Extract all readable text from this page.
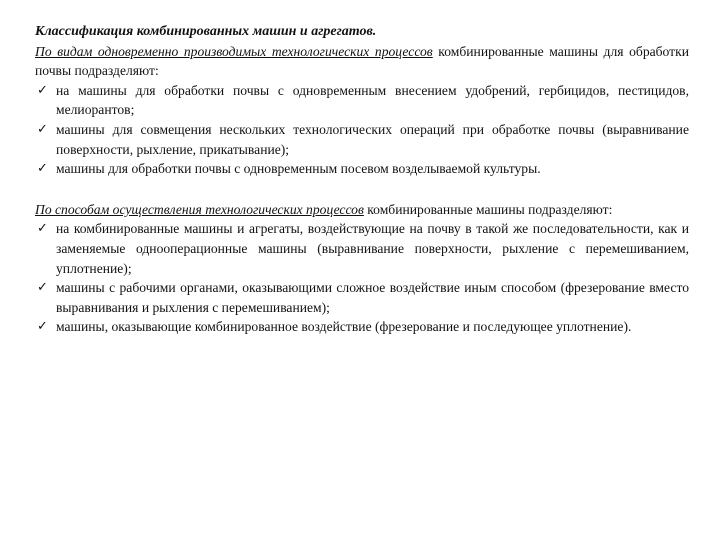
Классификация комбинированных машин и агрегатов.
По видам одновременно производимых технологических процессов комбинированные машины для обработки почвы подразделяют:
✓ на машины для обработки почвы с одновременным внесением удобрений, гербицидов, пестицидов, мелиорантов;
✓ машины для совмещения нескольких технологических операций при обработке почвы (выравнивание поверхности, рыхление, прикатывание);
✓ машины для обработки почвы с одновременным посевом возделываемой культуры.
По способам осуществления технологических процессов комбинированные машины подразделяют:
✓ на комбинированные машины и агрегаты, воздействующие на почву в такой же последовательности, как и заменяемые однооперационные машины (выравнивание поверхности, рыхление с перемешиванием, уплотнение);
✓ машины с рабочими органами, оказывающими сложное воздействие иным способом (фрезерование вместо выравнивания и рыхления с перемешиванием);
✓ машины, оказывающие комбинированное воздействие (фрезерование и последующее уплотнение).
